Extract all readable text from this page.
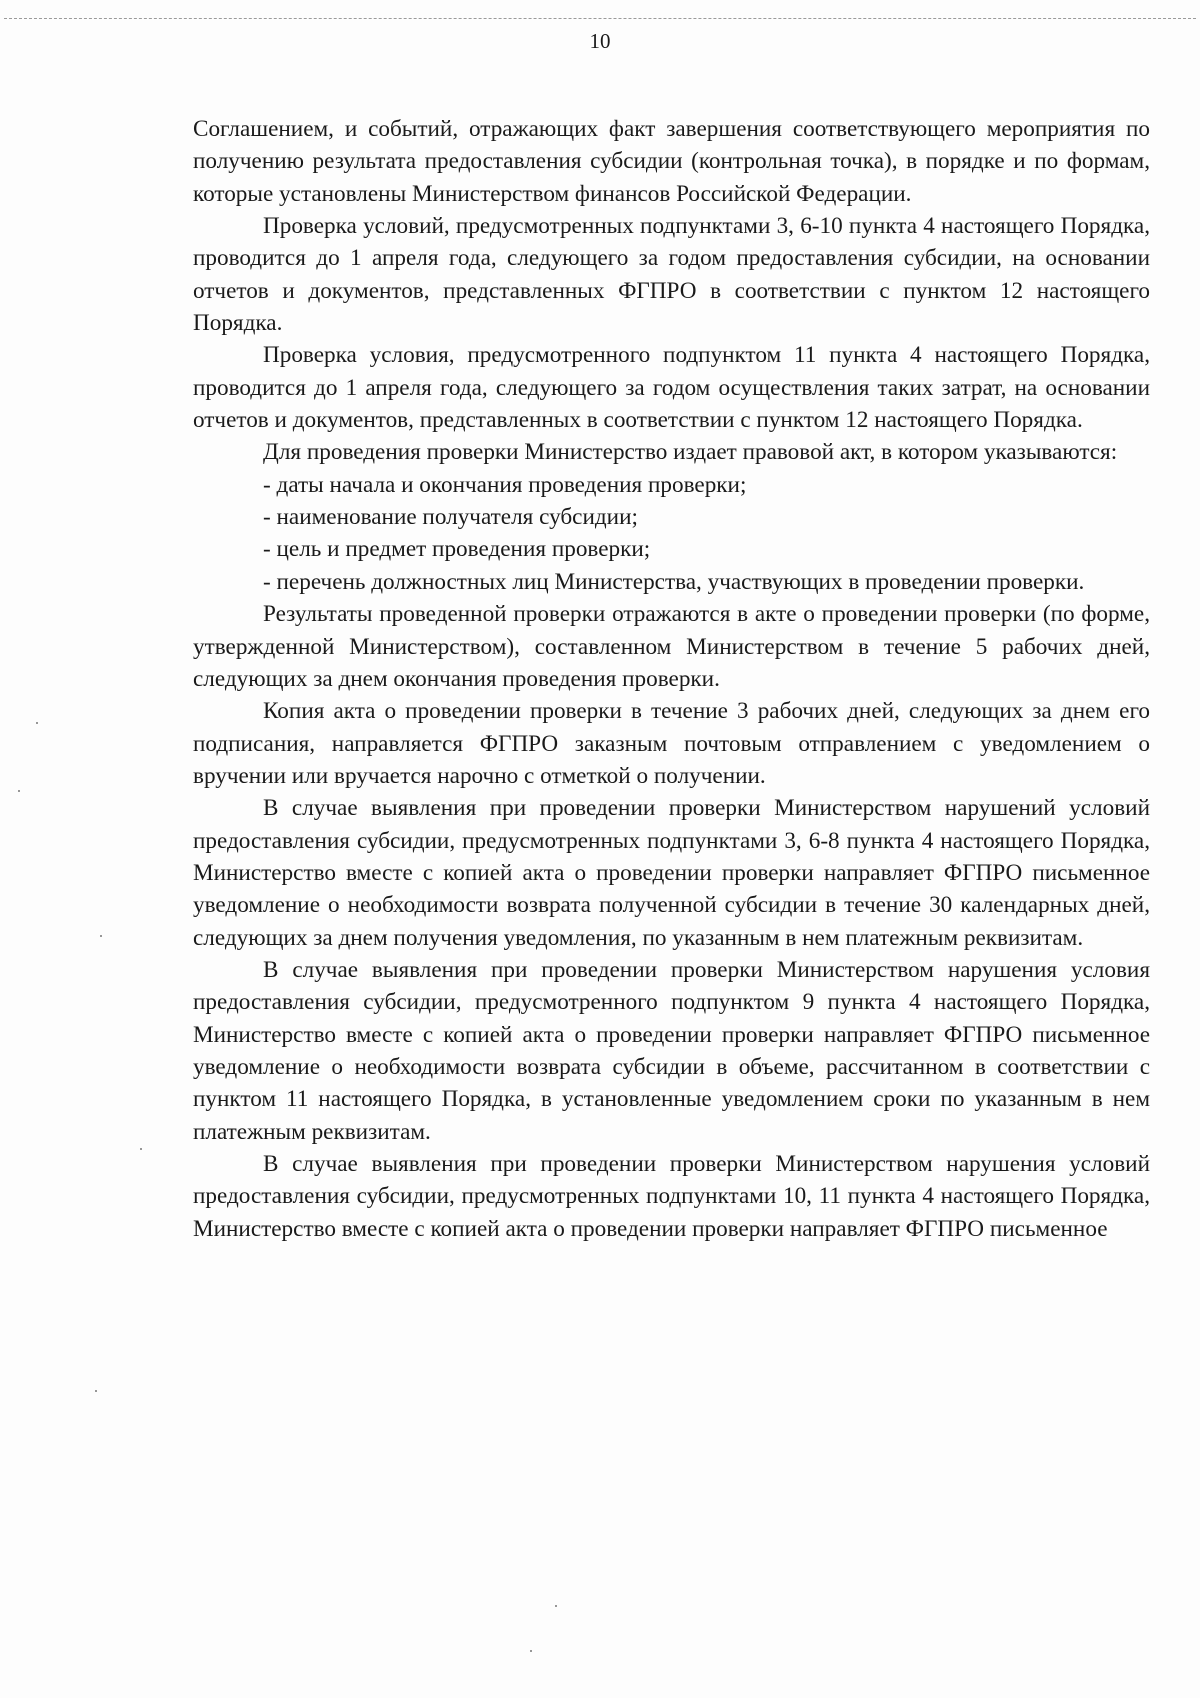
10

Соглашением, и событий, отражающих факт завершения соответствующего мероприятия по получению результата предоставления субсидии (контрольная точка), в порядке и по формам, которые установлены Министерством финансов Российской Федерации.

Проверка условий, предусмотренных подпунктами 3, 6-10 пункта 4 настоящего Порядка, проводится до 1 апреля года, следующего за годом предоставления субсидии, на основании отчетов и документов, представленных ФГПРО в соответствии с пунктом 12 настоящего Порядка.

Проверка условия, предусмотренного подпунктом 11 пункта 4 настоящего Порядка, проводится до 1 апреля года, следующего за годом осуществления таких затрат, на основании отчетов и документов, представленных в соответствии с пунктом 12 настоящего Порядка.

Для проведения проверки Министерство издает правовой акт, в котором указываются:

- даты начала и окончания проведения проверки;

- наименование получателя субсидии;

- цель и предмет проведения проверки;

- перечень должностных лиц Министерства, участвующих в проведении проверки.

Результаты проведенной проверки отражаются в акте о проведении проверки (по форме, утвержденной Министерством), составленном Министерством в течение 5 рабочих дней, следующих за днем окончания проведения проверки.

Копия акта о проведении проверки в течение 3 рабочих дней, следующих за днем его подписания, направляется ФГПРО заказным почтовым отправлением с уведомлением о вручении или вручается нарочно с отметкой о получении.

В случае выявления при проведении проверки Министерством нарушений условий предоставления субсидии, предусмотренных подпунктами 3, 6-8 пункта 4 настоящего Порядка, Министерство вместе с копией акта о проведении проверки направляет ФГПРО письменное уведомление о необходимости возврата полученной субсидии в течение 30 календарных дней, следующих за днем получения уведомления, по указанным в нем платежным реквизитам.

В случае выявления при проведении проверки Министерством нарушения условия предоставления субсидии, предусмотренного подпунктом 9 пункта 4 настоящего Порядка, Министерство вместе с копией акта о проведении проверки направляет ФГПРО письменное уведомление о необходимости возврата субсидии в объеме, рассчитанном в соответствии с пунктом 11 настоящего Порядка, в установленные уведомлением сроки по указанным в нем платежным реквизитам.

В случае выявления при проведении проверки Министерством нарушения условий предоставления субсидии, предусмотренных подпунктами 10, 11 пункта 4 настоящего Порядка, Министерство вместе с копией акта о проведении проверки направляет ФГПРО письменное
